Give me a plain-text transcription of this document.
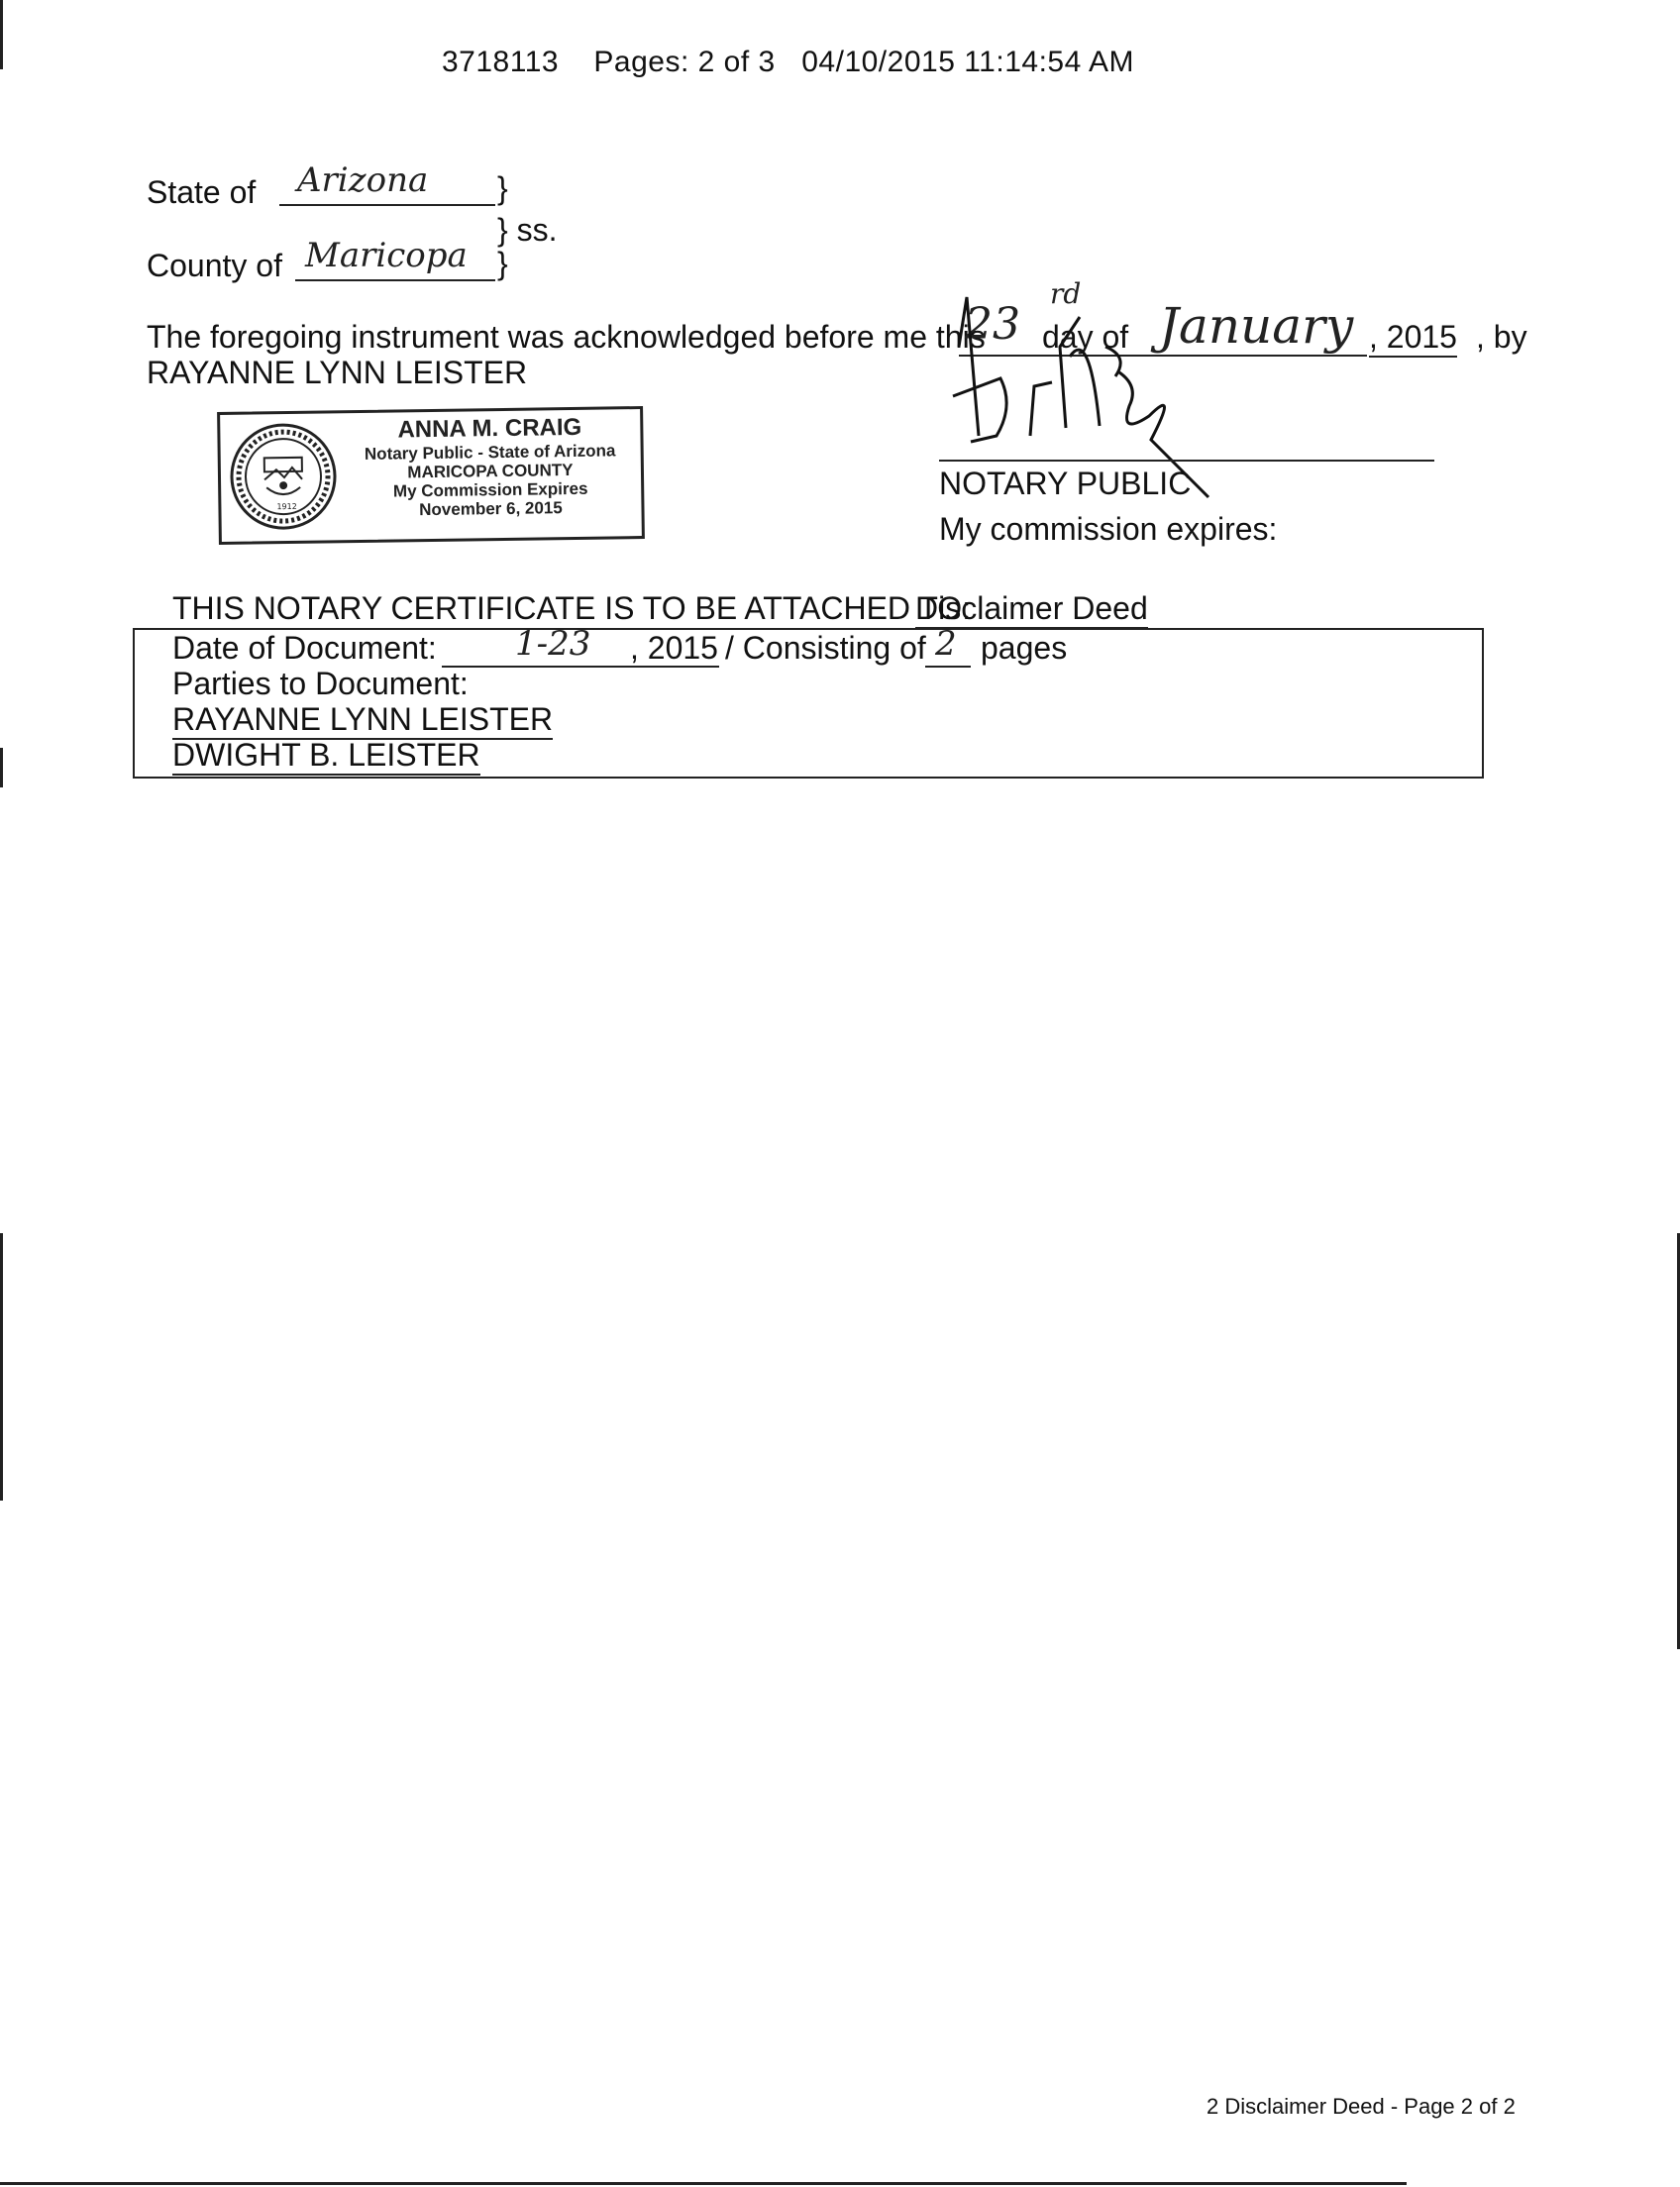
3718113 Pages: 2 of 3 04/10/2015 11:14:54 AM
State of Arizona }
} ss.
County of Maricopa }
The foregoing instrument was acknowledged before me this
23
rd
day of January , 2015 , by
RAYANNE LYNN LEISTER
1912
ANNA M. CRAIG
Notary Public - State of Arizona
MARICOPA COUNTY
My Commission Expires
November 6, 2015
NOTARY PUBLIC
My commission expires:
THIS NOTARY CERTIFICATE IS TO BE ATTACHED TO:
Disclaimer Deed
Date of Document: 1-23 , 2015 / Consisting of 2 pages
Parties to Document:
RAYANNE LYNN LEISTER
DWIGHT B. LEISTER
2 Disclaimer Deed - Page 2 of 2
